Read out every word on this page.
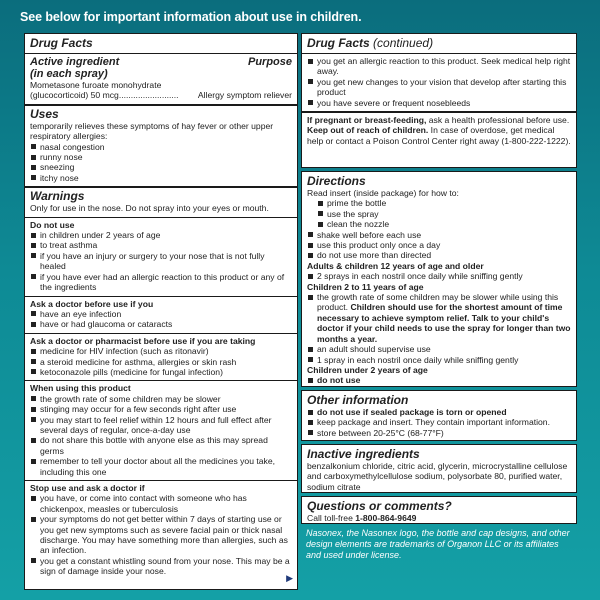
See below for important information about use in children.
Drug Facts
Active ingredient
(in each spray)
Purpose
Mometasone furoate monohydrate
(glucocorticoid) 50 mcg .........................	Allergy symptom reliever
Uses
temporarily relieves these symptoms of hay fever or other upper respiratory allergies:
nasal congestion
runny nose
sneezing
itchy nose
Warnings
Only for use in the nose. Do not spray into your eyes or mouth.
Do not use
in children under 2 years of age
to treat asthma
if you have an injury or surgery to your nose that is not fully healed
if you have ever had an allergic reaction to this product or any of the ingredients
Ask a doctor before use if you
have an eye infection
have or had glaucoma or cataracts
Ask a doctor or pharmacist before use if you are taking
medicine for HIV infection (such as ritonavir)
a steroid medicine for asthma, allergies or skin rash
ketoconazole pills (medicine for fungal infection)
When using this product
the growth rate of some children may be slower
stinging may occur for a few seconds right after use
you may start to feel relief within 12 hours and full effect after several days of regular, once-a-day use
do not share this bottle with anyone else as this may spread germs
remember to tell your doctor about all the medicines you take, including this one
Stop use and ask a doctor if
you have, or come into contact with someone who has chickenpox, measles or tuberculosis
your symptoms do not get better within 7 days of starting use or you get new symptoms such as severe facial pain or thick nasal discharge. You may have something more than allergies, such as an infection.
you get a constant whistling sound from your nose. This may be a sign of damage inside your nose.
▶
Drug Facts (continued)
you get an allergic reaction to this product. Seek medical help right away.
you get new changes to your vision that develop after starting this product
you have severe or frequent nosebleeds
If pregnant or breast-feeding, ask a health professional before use.
Keep out of reach of children. In case of overdose, get medical help or contact a Poison Control Center right away (1-800-222-1222).
Directions
Read insert (inside package) for how to:
prime the bottle
use the spray
clean the nozzle
shake well before each use
use this product only once a day
do not use more than directed
Adults & children 12 years of age and older
2 sprays in each nostril once daily while sniffing gently
Children 2 to 11 years of age
the growth rate of some children may be slower while using this product. Children should use for the shortest amount of time necessary to achieve symptom relief. Talk to your child's doctor if your child needs to use the spray for longer than two months a year.
an adult should supervise use
1 spray in each nostril once daily while sniffing gently
Children under 2 years of age
do not use
Other information
do not use if sealed package is torn or opened
keep package and insert. They contain important information.
store between 20-25°C (68-77°F)
Inactive ingredients
benzalkonium chloride, citric acid, glycerin, microcrystalline cellulose and carboxymethylcellulose sodium, polysorbate 80, purified water, sodium citrate
Questions or comments?
Call toll-free 1-800-864-9649
Nasonex, the Nasonex logo, the bottle and cap designs, and other design elements are trademarks of Organon LLC or its affiliates and used under license.
